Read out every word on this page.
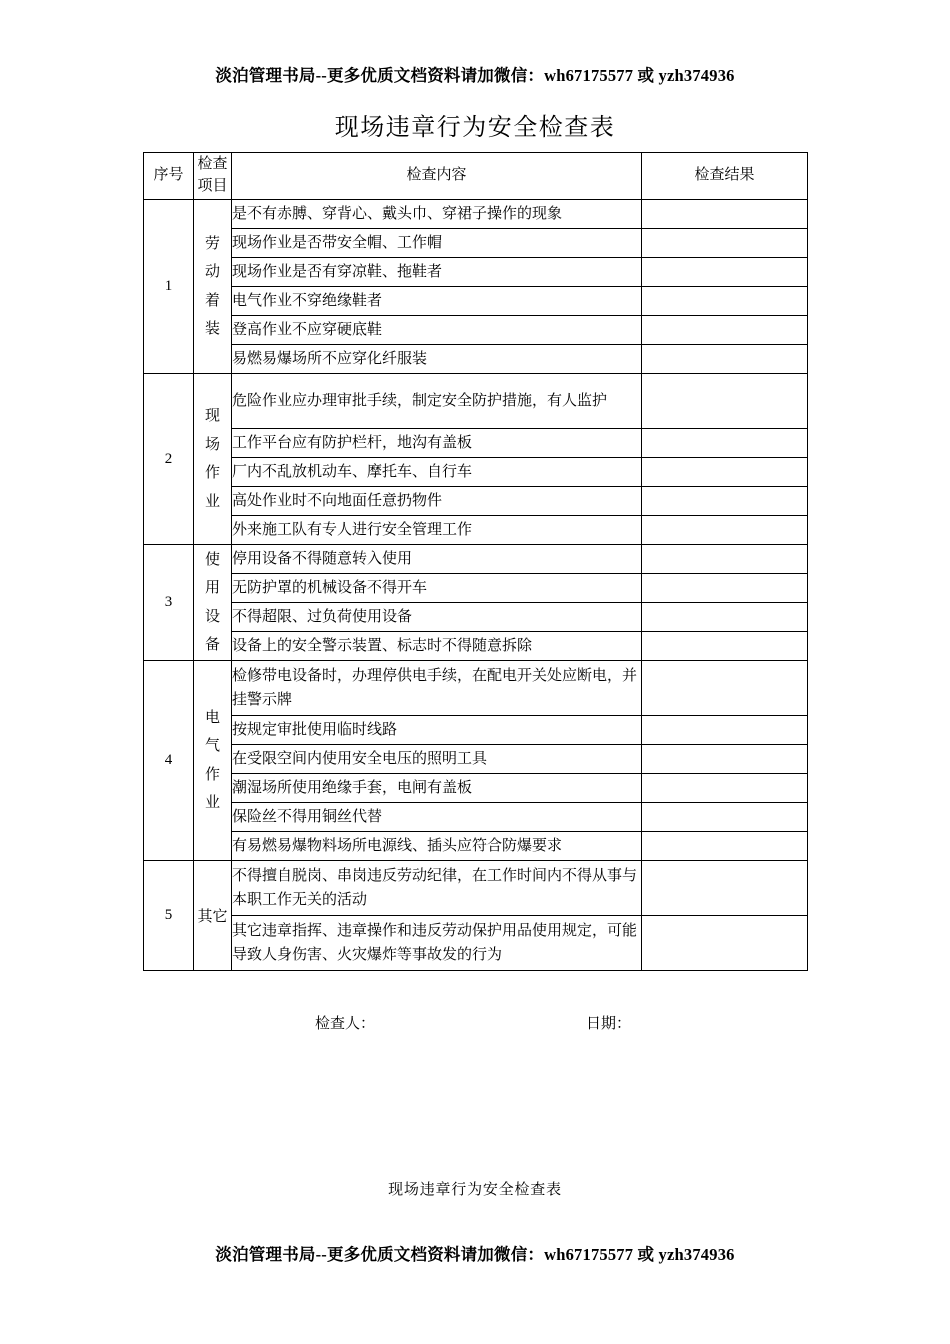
淡泊管理书局--更多优质文档资料请加微信：wh67175577 或 yzh374936
现场违章行为安全检查表
序号	检查项目	检查内容	检查结果
1	劳动着装	是不有赤膊、穿背心、戴头巾、穿裙子操作的现象	
		现场作业是否带安全帽、工作帽	
		现场作业是否有穿凉鞋、拖鞋者	
		电气作业不穿绝缘鞋者	
		登高作业不应穿硬底鞋	
		易燃易爆场所不应穿化纤服装	
2	现场作业	危险作业应办理审批手续，制定安全防护措施，有人监护	
		工作平台应有防护栏杆，地沟有盖板	
		厂内不乱放机动车、摩托车、自行车	
		高处作业时不向地面任意扔物件	
		外来施工队有专人进行安全管理工作	
3	使用设备	停用设备不得随意转入使用	
		无防护罩的机械设备不得开车	
		不得超限、过负荷使用设备	
		设备上的安全警示装置、标志时不得随意拆除	
4	电气作业	检修带电设备时，办理停供电手续，在配电开关处应断电，并挂警示牌	
		按规定审批使用临时线路	
		在受限空间内使用安全电压的照明工具	
		潮湿场所使用绝缘手套，电闸有盖板	
		保险丝不得用铜丝代替	
		有易燃易爆物料场所电源线、插头应符合防爆要求	
5	其它	不得擅自脱岗、串岗违反劳动纪律，在工作时间内不得从事与本职工作无关的活动	
		其它违章指挥、违章操作和违反劳动保护用品使用规定，可能导致人身伤害、火灾爆炸等事故发的行为	
检查人：	日期：
现场违章行为安全检查表
淡泊管理书局--更多优质文档资料请加微信：wh67175577 或 yzh374936
